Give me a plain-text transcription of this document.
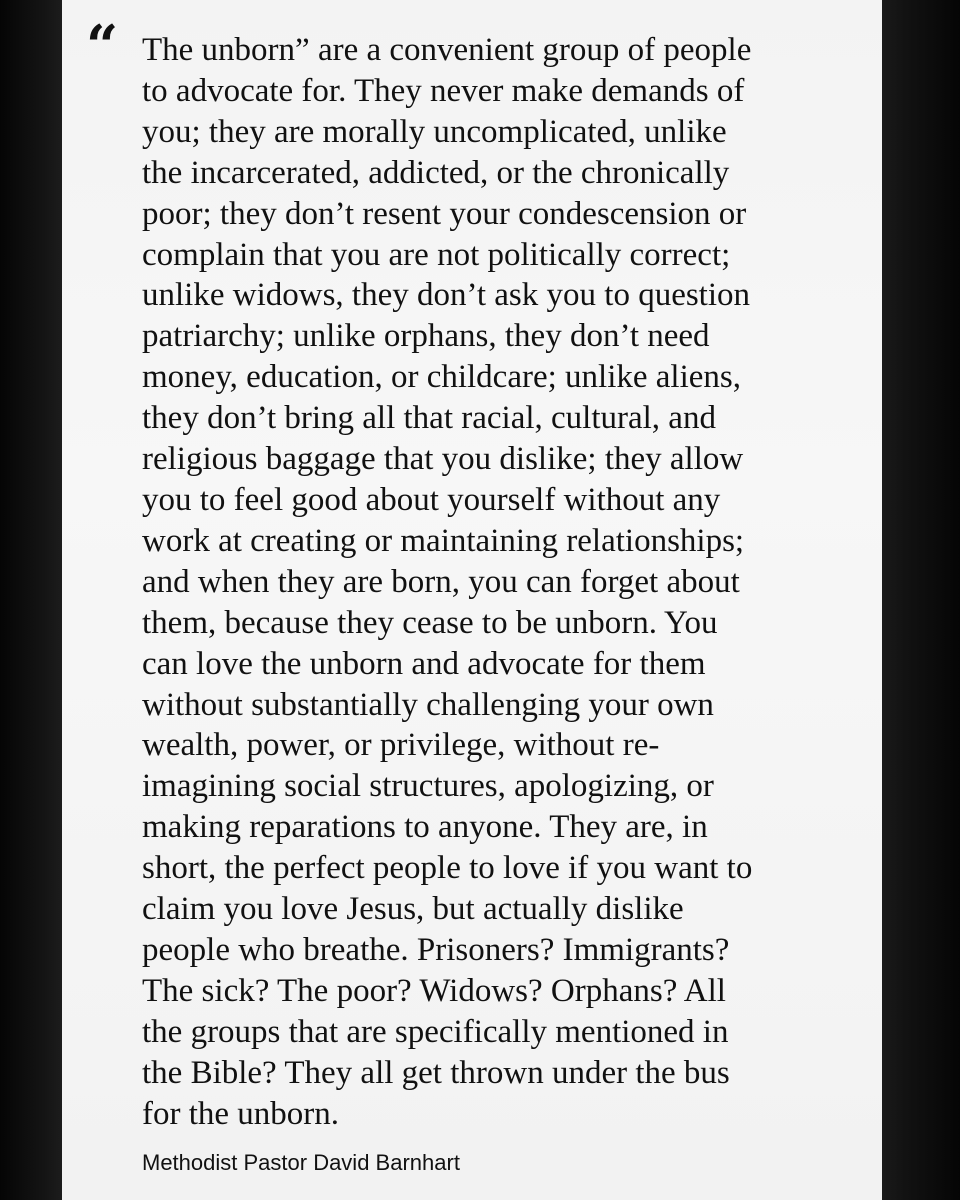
“ The unborn” are a convenient group of people
to advocate for. They never make demands of
you; they are morally uncomplicated, unlike
the incarcerated, addicted, or the chronically
poor; they don’t resent your condescension or
complain that you are not politically correct;
unlike widows, they don’t ask you to question
patriarchy; unlike orphans, they don’t need
money, education, or childcare; unlike aliens,
they don’t bring all that racial, cultural, and
religious baggage that you dislike; they allow
you to feel good about yourself without any
work at creating or maintaining relationships;
and when they are born, you can forget about
them, because they cease to be unborn. You
can love the unborn and advocate for them
without substantially challenging your own
wealth, power, or privilege, without re-
imagining social structures, apologizing, or
making reparations to anyone. They are, in
short, the perfect people to love if you want to
claim you love Jesus, but actually dislike
people who breathe. Prisoners? Immigrants?
The sick? The poor? Widows? Orphans? All
the groups that are specifically mentioned in
the Bible? They all get thrown under the bus
for the unborn.

Methodist Pastor David Barnhart
